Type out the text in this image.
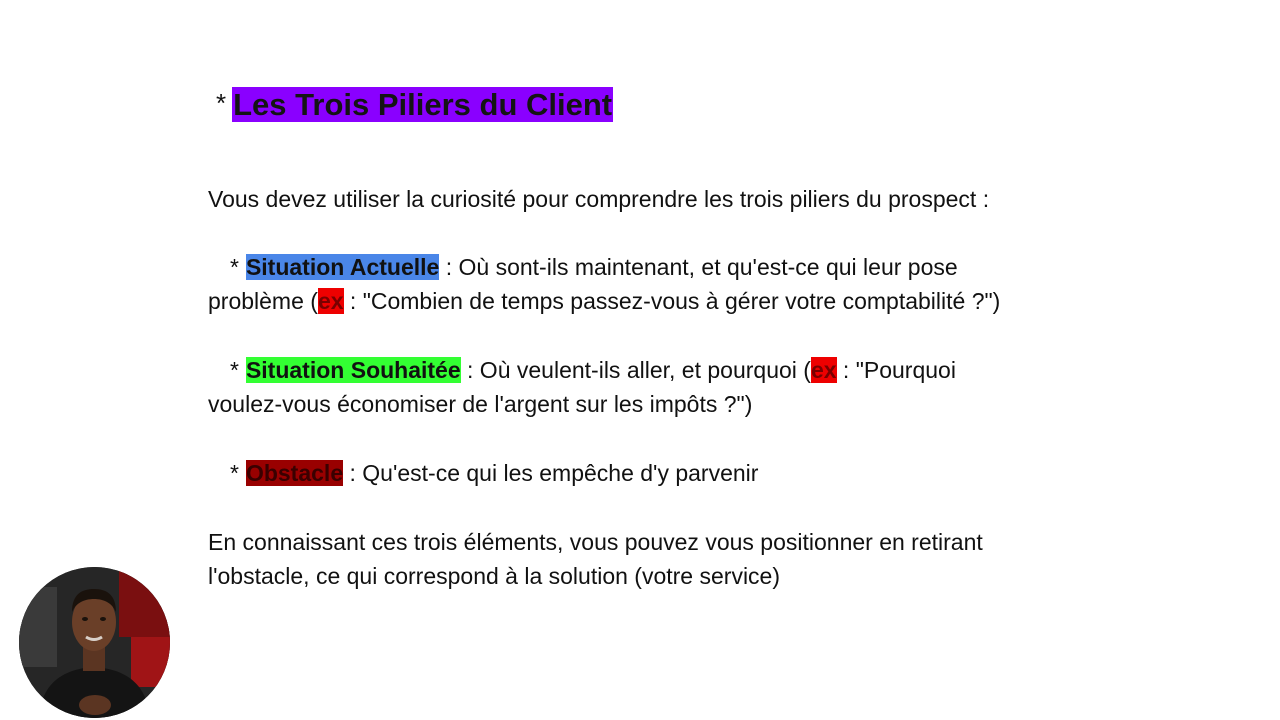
* Les Trois Piliers du Client
Vous devez utiliser la curiosité pour comprendre les trois piliers du prospect :
* Situation Actuelle : Où sont-ils maintenant, et qu'est-ce qui leur pose
problème (ex : "Combien de temps passez-vous à gérer votre comptabilité ?")
* Situation Souhaitée : Où veulent-ils aller, et pourquoi (ex : "Pourquoi
voulez-vous économiser de l'argent sur les impôts ?")
* Obstacle : Qu'est-ce qui les empêche d'y parvenir
En connaissant ces trois éléments, vous pouvez vous positionner en retirant
l'obstacle, ce qui correspond à la solution (votre service)
